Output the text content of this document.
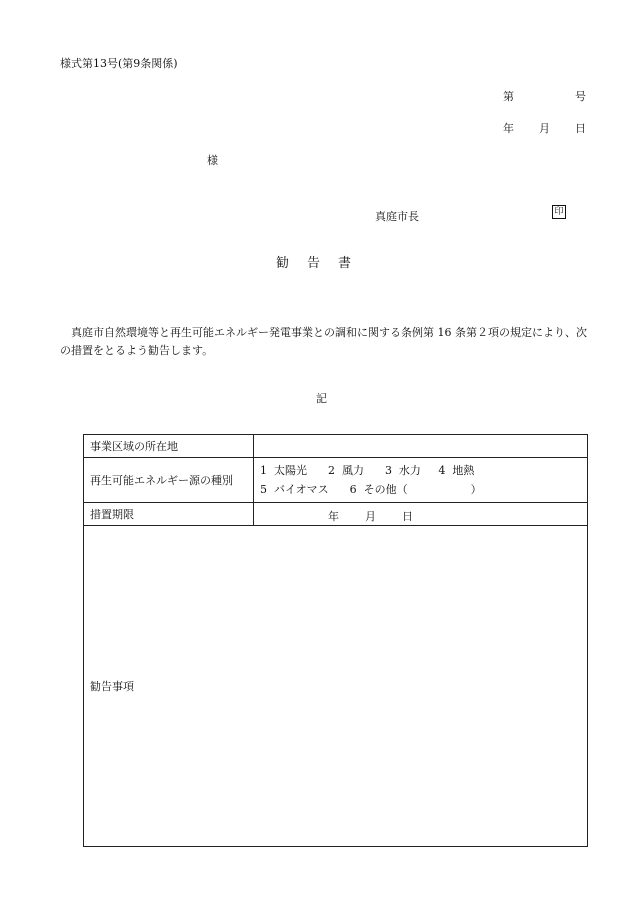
様式第13号(第9条関係)
第	号
年 月 日
様
真庭市長	印
勧告書
真庭市自然環境等と再生可能エネルギー発電事業との調和に関する条例第 16 条第２項の規定により、次の措置をとるよう勧告します。
記
事業区域の所在地	
再生可能エネルギー源の種別	1  太陽光      2  風力      3  水力     4  地熱
5  バイオマス      6  その他（                  ）

措置期限	年 月 日

勧告事項	
